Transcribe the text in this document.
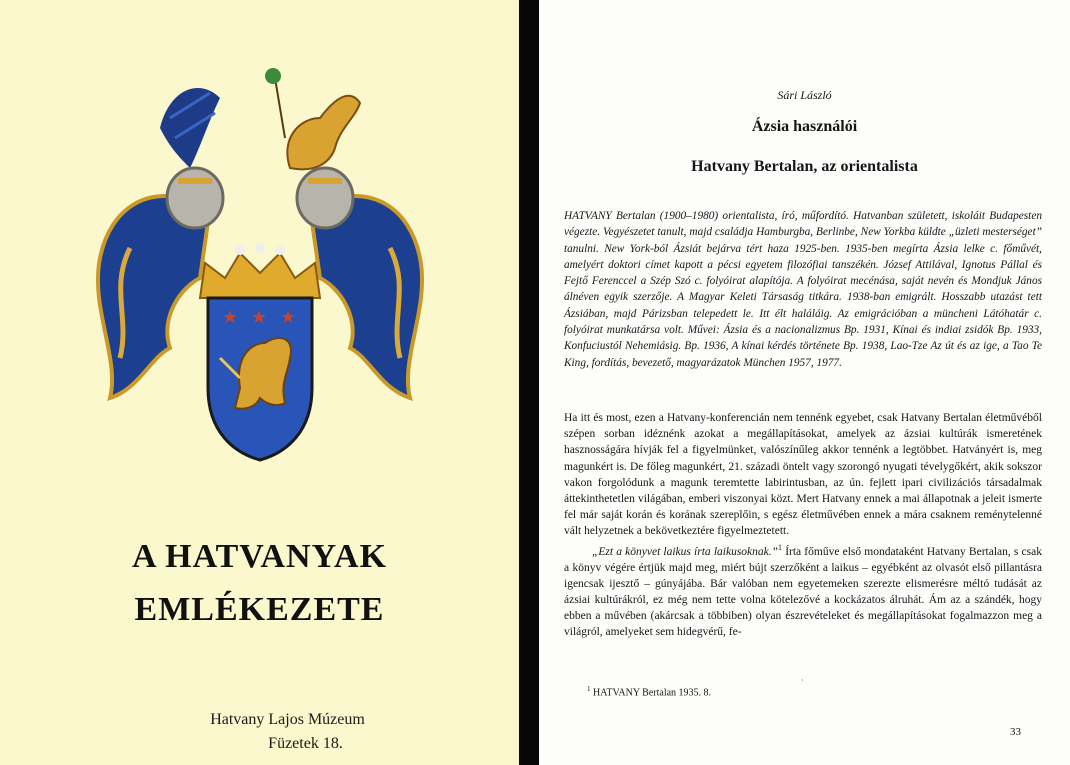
★ ★ ★
A HATVANYAK
EMLÉKEZETE
Hatvany Lajos Múzeum
Füzetek 18.
Sári László
Ázsia használói
Hatvany Bertalan, az orientalista
HATVANY Bertalan (1900–1980) orientalista, író, műfordító. Hatvanban született, iskoláit Budapesten végezte. Vegyészetet tanult, majd családja Hamburgba, Berlinbe, New Yorkba küldte „üzleti mesterséget” tanulni. New York-ból Ázsiát bejárva tért haza 1925-ben. 1935-ben megírta Ázsia lelke c. főművét, amelyért doktori címet kapott a pécsi egyetem filozófiai tanszékén. József Attilával, Ignotus Pállal és Fejtő Ferenccel a Szép Szó c. folyóirat alapítója. A folyóirat mecénása, saját nevén és Mondjuk János álnéven egyik szerzője. A Magyar Keleti Társaság titkára. 1938-ban emigrált. Hosszabb utazást tett Ázsiában, majd Párizsban telepedett le. Itt élt haláláig. Az emigrációban a müncheni Látóhatár c. folyóirat munkatársa volt. Művei: Ázsia és a nacionalizmus Bp. 1931, Kínai és indiai zsidók Bp. 1933, Konfuciustól Nehemiásig. Bp. 1936, A kínai kérdés története Bp. 1938, Lao-Tze Az út és az ige, a Tao Te King, fordítás, bevezető, magyarázatok München 1957, 1977.

Ha itt és most, ezen a Hatvany-konferencián nem tennénk egyebet, csak Hatvany Bertalan életművéből szépen sorban idéznénk azokat a megállapításokat, amelyek az ázsiai kultúrák ismeretének hasznosságára hívják fel a figyelmünket, valószínűleg akkor tennénk a legtöbbet. Hatványért is, meg magunkért is. De főleg magunkért, 21. századi öntelt vagy szorongó nyugati tévelygőkért, akik sokszor vakon forgolódunk a magunk teremtette labirintusban, az ún. fejlett ipari civilizációs társadalmak áttekinthetetlen világában, emberi viszonyai közt. Mert Hatvany ennek a mai állapotnak a jeleit ismerte fel már saját korán és korának szereplőin, s egész életművében ennek a mára csaknem reménytelenné vált helyzetnek a bekövetkeztére figyelmeztetett.

„Ezt a könyvet laikus írta laikusoknak.”$^1$ Írta főműve első mondataként Hatvany Bertalan, s csak a könyv végére értjük majd meg, miért bújt szerzőként a laikus – egyébként az olvasót első pillantásra igencsak ijesztő – gúnyájába. Bár valóban nem egyetemeken szerezte elismerésre méltó tudását az ázsiai kultúrákról, ez még nem tette volna kötelezővé a kockázatos álruhát. Ám az a szándék, hogy ebben a művében (akárcsak a többiben) olyan észrevételeket és megállapításokat fogalmazzon meg a világról, amelyeket sem hidegvérű, fe-

·
$^1$ HATVANY Bertalan 1935. 8.
33
